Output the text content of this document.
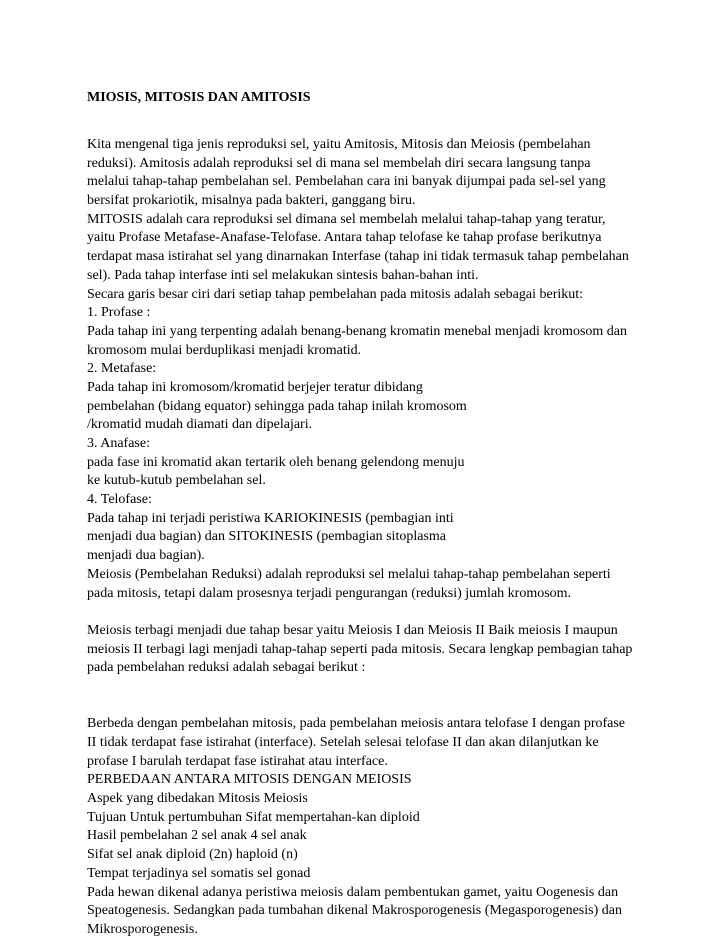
MIOSIS, MITOSIS DAN AMITOSIS
Kita mengenal tiga jenis reproduksi sel, yaitu Amitosis, Mitosis dan Meiosis (pembelahan
reduksi). Amitosis adalah reproduksi sel di mana sel membelah diri secara langsung tanpa
melalui tahap-tahap pembelahan sel. Pembelahan cara ini banyak dijumpai pada sel-sel yang
bersifat prokariotik, misalnya pada bakteri, ganggang biru.
MITOSIS adalah cara reproduksi sel dimana sel membelah melalui tahap-tahap yang teratur,
yaitu Profase Metafase-Anafase-Telofase. Antara tahap telofase ke tahap profase berikutnya
terdapat masa istirahat sel yang dinarnakan Interfase (tahap ini tidak termasuk tahap pembelahan
sel). Pada tahap interfase inti sel melakukan sintesis bahan-bahan inti.
Secara garis besar ciri dari setiap tahap pembelahan pada mitosis adalah sebagai berikut:
1. Profase :
Pada tahap ini yang terpenting adalah benang-benang kromatin menebal menjadi kromosom dan
kromosom mulai berduplikasi menjadi kromatid.
2. Metafase:
Pada tahap ini kromosom/kromatid berjejer teratur dibidang
pembelahan (bidang equator) sehingga pada tahap inilah kromosom
/kromatid mudah diamati dan dipelajari.
3. Anafase:
pada fase ini kromatid akan tertarik oleh benang gelendong menuju
ke kutub-kutub pembelahan sel.
4. Telofase:
Pada tahap ini terjadi peristiwa KARIOKINESIS (pembagian inti
menjadi dua bagian) dan SITOKINESIS (pembagian sitoplasma
menjadi dua bagian).
Meiosis (Pembelahan Reduksi) adalah reproduksi sel melalui tahap-tahap pembelahan seperti
pada mitosis, tetapi dalam prosesnya terjadi pengurangan (reduksi) jumlah kromosom.
Meiosis terbagi menjadi due tahap besar yaitu Meiosis I dan Meiosis II Baik meiosis I maupun
meiosis II terbagi lagi menjadi tahap-tahap seperti pada mitosis. Secara lengkap pembagian tahap
pada pembelahan reduksi adalah sebagai berikut :
Berbeda dengan pembelahan mitosis, pada pembelahan meiosis antara telofase I dengan profase
II tidak terdapat fase istirahat (interface). Setelah selesai telofase II dan akan dilanjutkan ke
profase I barulah terdapat fase istirahat atau interface.
PERBEDAAN ANTARA MITOSIS DENGAN MEIOSIS
Aspek yang dibedakan Mitosis Meiosis
Tujuan Untuk pertumbuhan Sifat mempertahan-kan diploid
Hasil pembelahan 2 sel anak 4 sel anak
Sifat sel anak diploid (2n) haploid (n)
Tempat terjadinya sel somatis sel gonad
Pada hewan dikenal adanya peristiwa meiosis dalam pembentukan gamet, yaitu Oogenesis dan
Speatogenesis. Sedangkan pada tumbahan dikenal Makrosporogenesis (Megasporogenesis) dan
Mikrosporogenesis.
